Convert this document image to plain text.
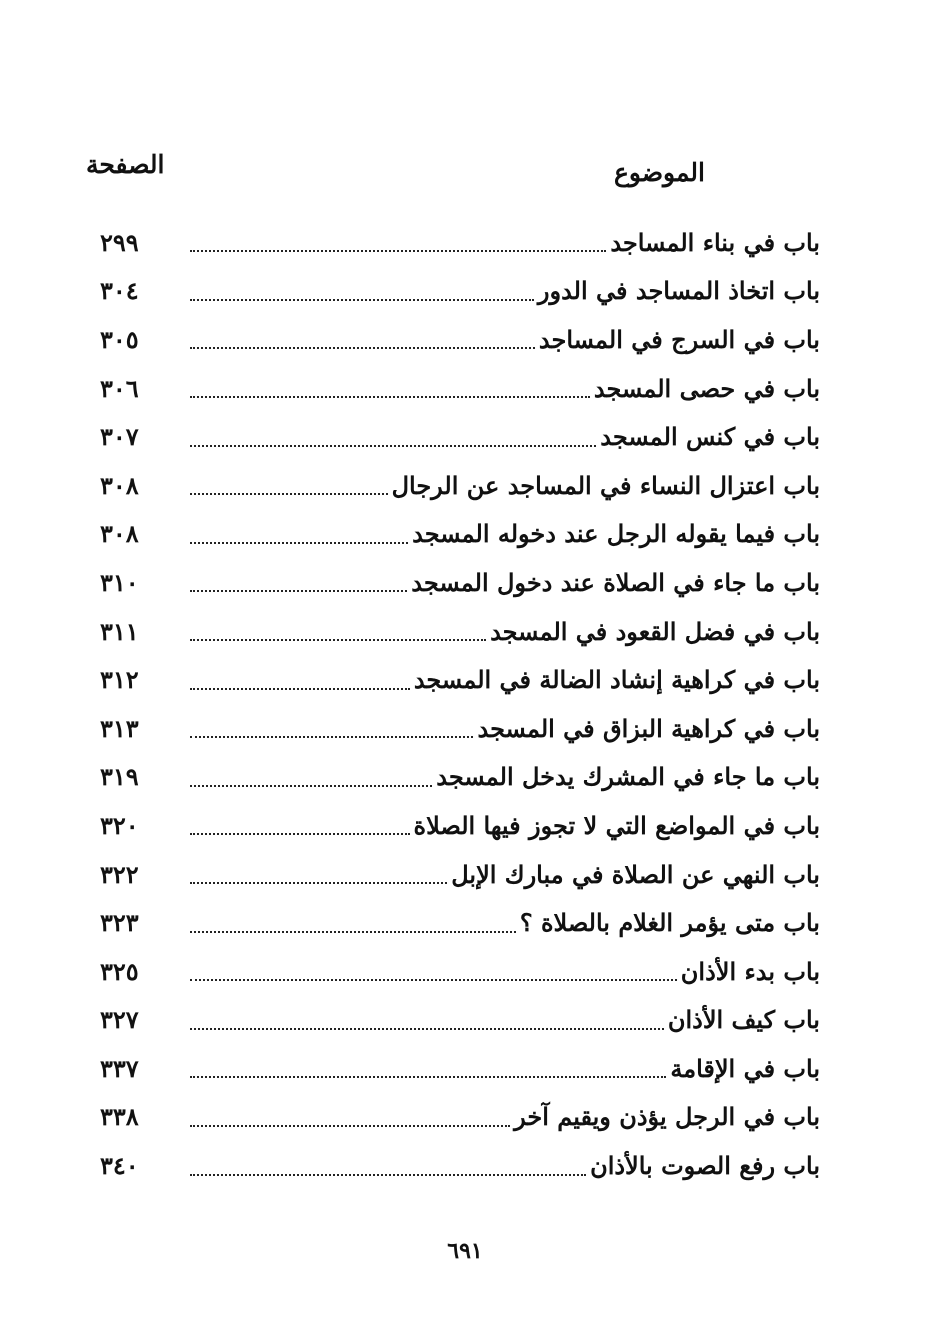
الموضوع
الصفحة
باب في بناء المساجد
٢٩٩
باب اتخاذ المساجد في الدور
٣٠٤
باب في السرج في المساجد
٣٠٥
باب في حصى المسجد
٣٠٦
باب في كنس المسجد
٣٠٧
باب اعتزال النساء في المساجد عن الرجال
٣٠٨
باب فيما يقوله الرجل عند دخوله المسجد
٣٠٨
باب ما جاء في الصلاة عند دخول المسجد
٣١٠
باب في فضل القعود في المسجد
٣١١
باب في كراهية إنشاد الضالة في المسجد
٣١٢
باب في كراهية البزاق في المسجد
٣١٣
باب ما جاء في المشرك يدخل المسجد
٣١٩
باب في المواضع التي لا تجوز فيها الصلاة
٣٢٠
باب النهي عن الصلاة في مبارك الإبل
٣٢٢
باب متى يؤمر الغلام بالصلاة ؟
٣٢٣
باب بدء الأذان
٣٢٥
باب كيف الأذان
٣٢٧
باب في الإقامة
٣٣٧
باب في الرجل يؤذن ويقيم آخر
٣٣٨
باب رفع الصوت بالأذان
٣٤٠
٦٩١
